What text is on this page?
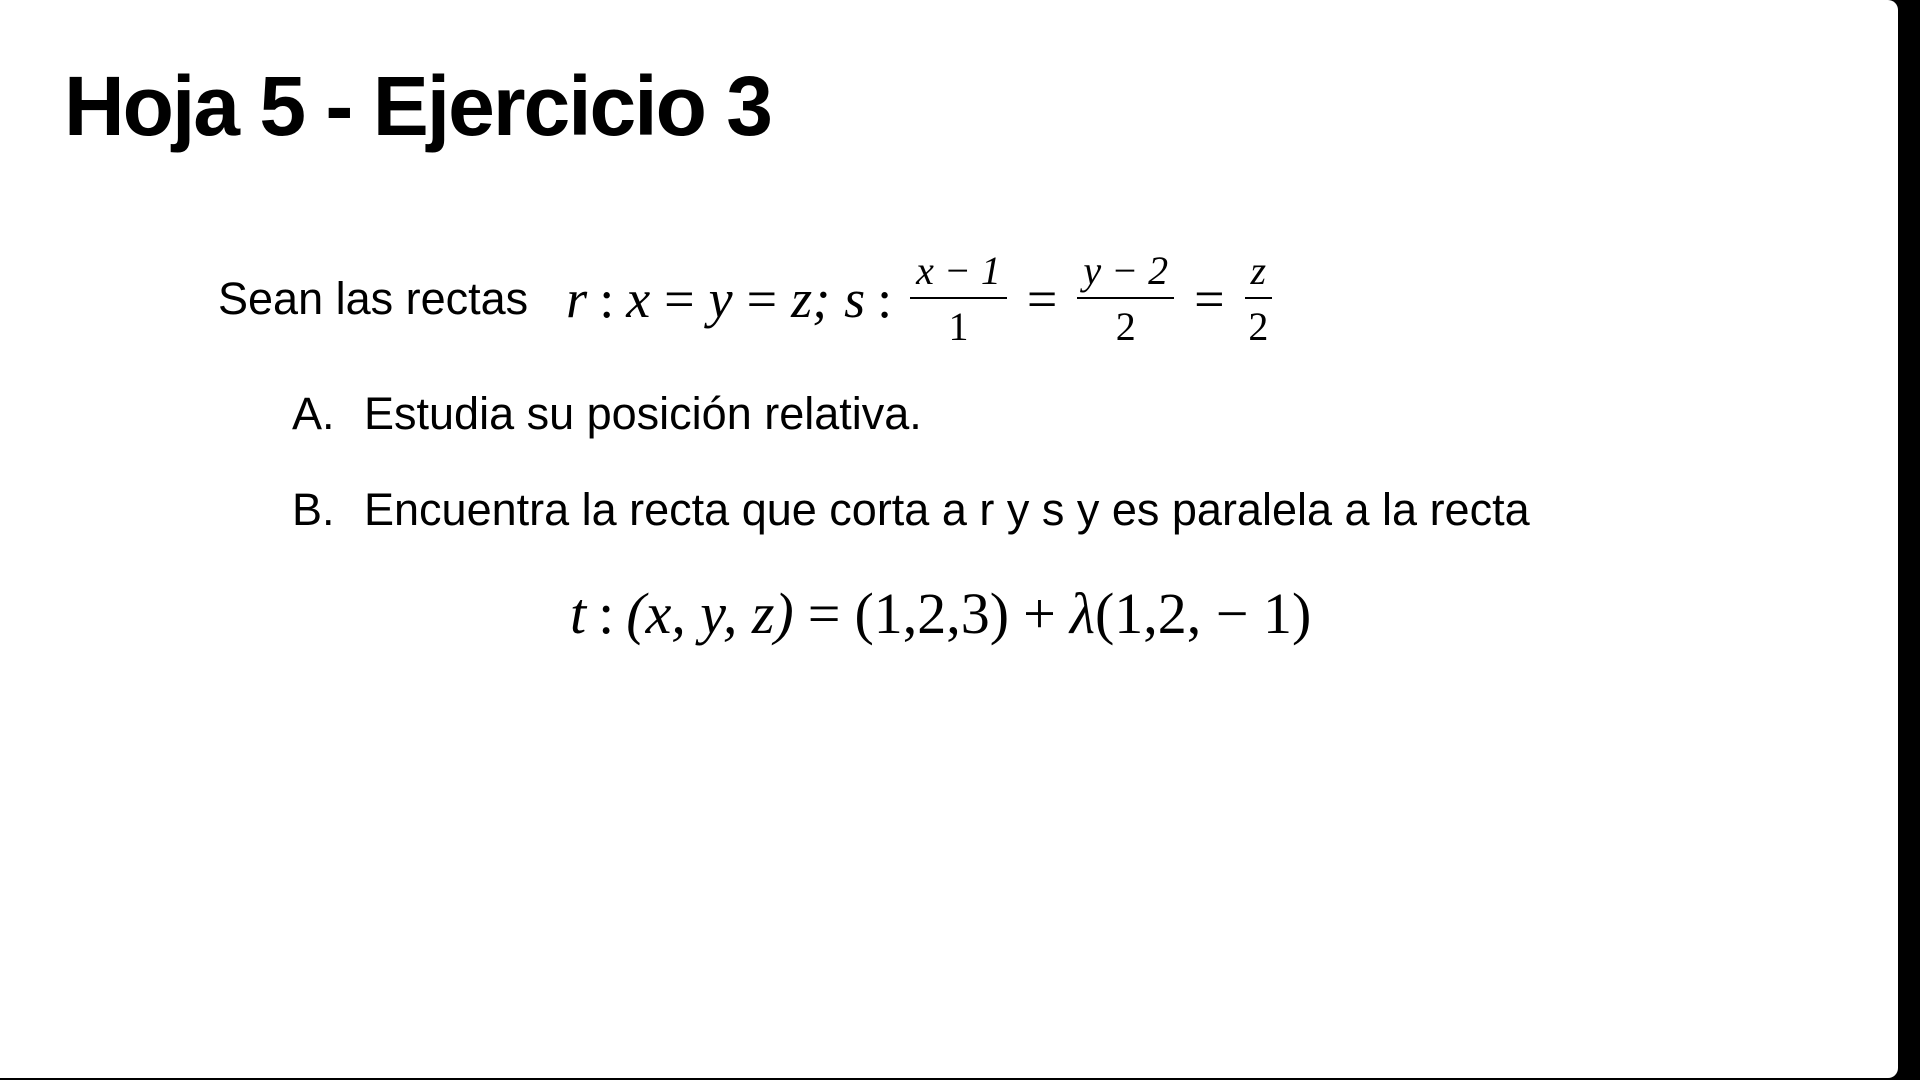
Hoja 5 - Ejercicio 3
Sean las rectas r : x = y = z; s : $\frac{x - 1}{1} = \frac{y - 2}{2} = \frac{z}{2}$
A. Estudia su posición relativa.
B. Encuentra la recta que corta a r y s y es paralela a la recta
t : (x, y, z) = (1,2,3) + λ (1,2, − 1)
